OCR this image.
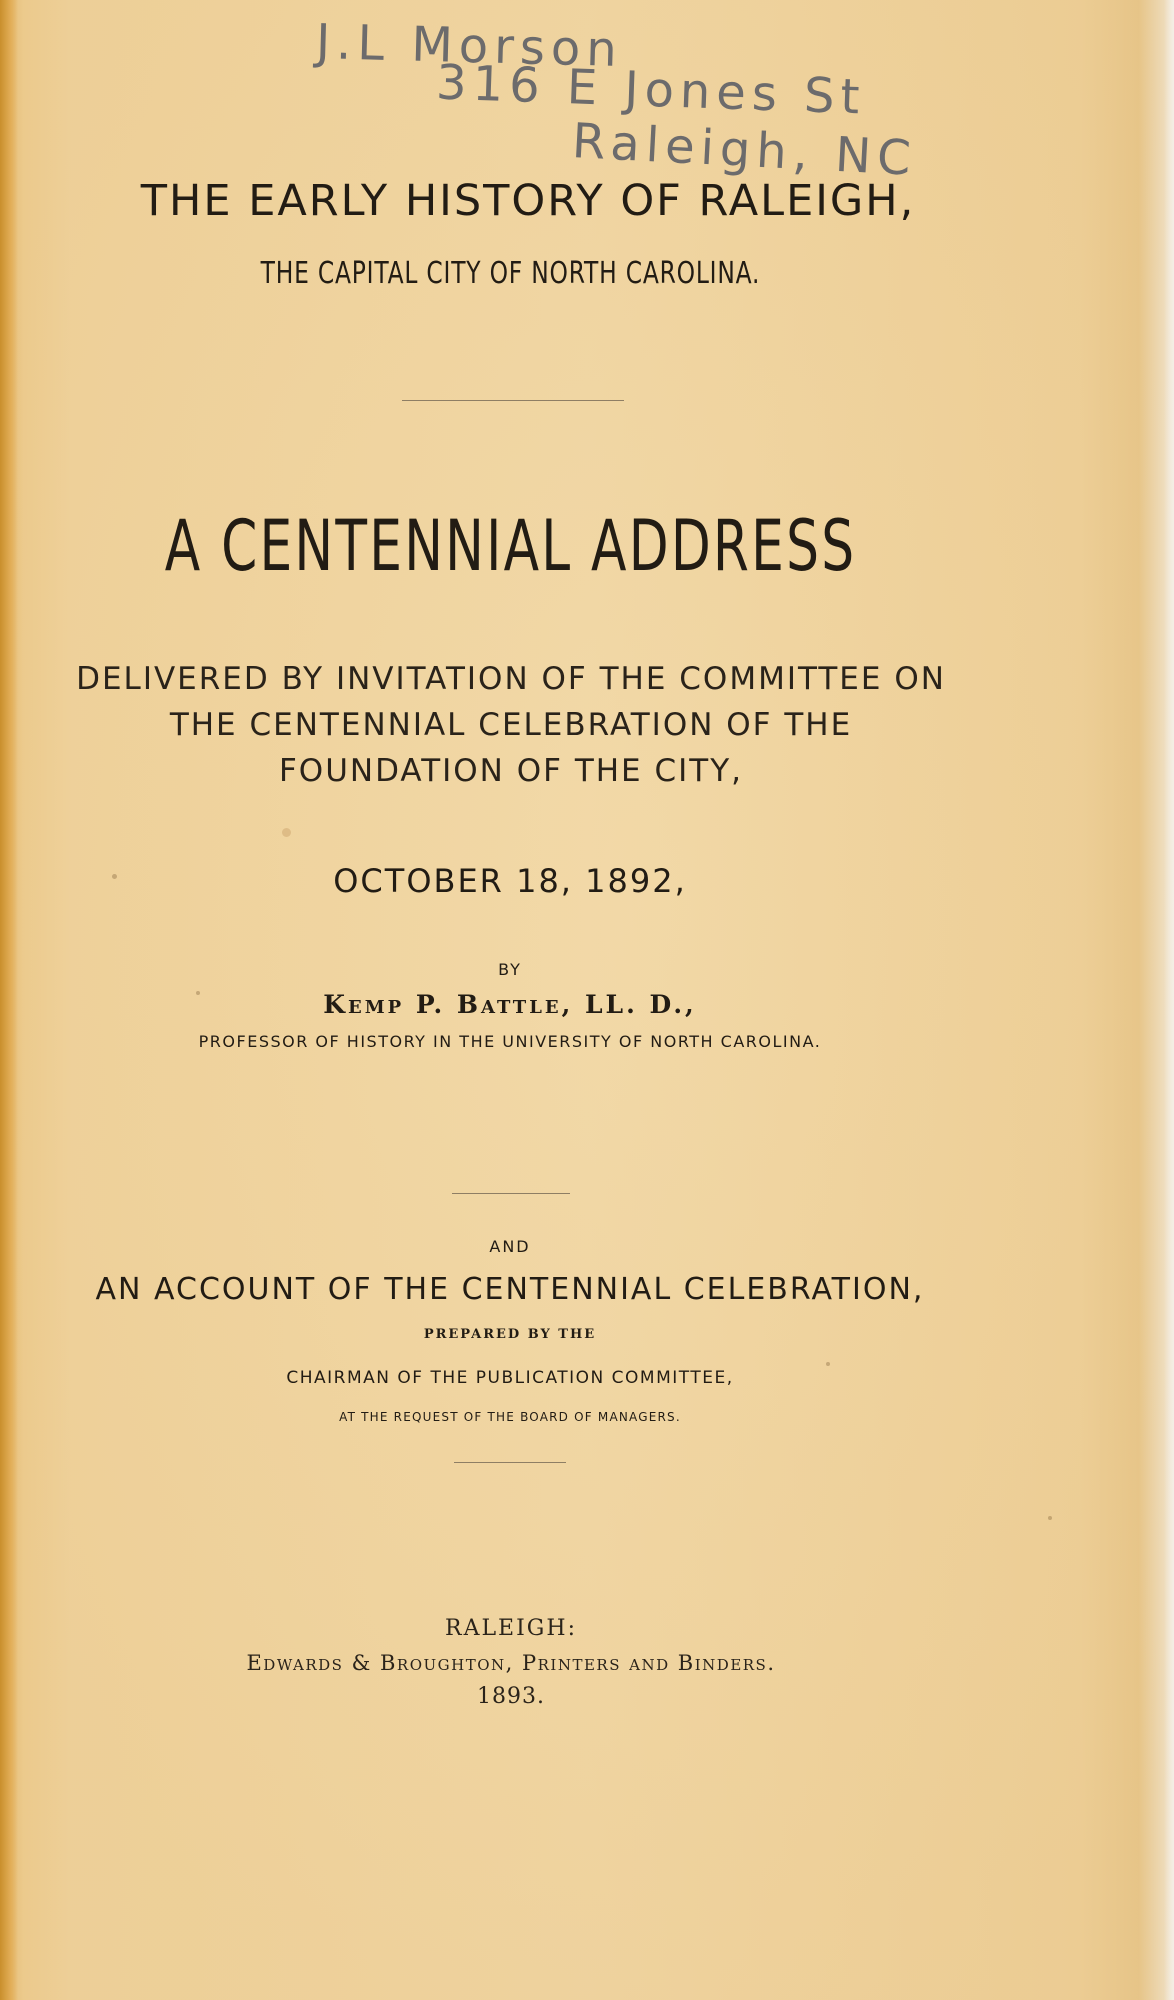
J.L Morson
316 E Jones St
Raleigh, NC
THE EARLY HISTORY OF RALEIGH,
THE CAPITAL CITY OF NORTH CAROLINA.
A CENTENNIAL ADDRESS
DELIVERED BY INVITATION OF THE COMMITTEE ON
THE CENTENNIAL CELEBRATION OF THE
FOUNDATION OF THE CITY,
OCTOBER 18, 1892,
BY
Kemp P. Battle, LL. D.,
PROFESSOR OF HISTORY IN THE UNIVERSITY OF NORTH CAROLINA.
AND
AN ACCOUNT OF THE CENTENNIAL CELEBRATION,
PREPARED BY THE
CHAIRMAN OF THE PUBLICATION COMMITTEE,
AT THE REQUEST OF THE BOARD OF MANAGERS.
RALEIGH:
Edwards & Broughton, Printers and Binders.
1893.
